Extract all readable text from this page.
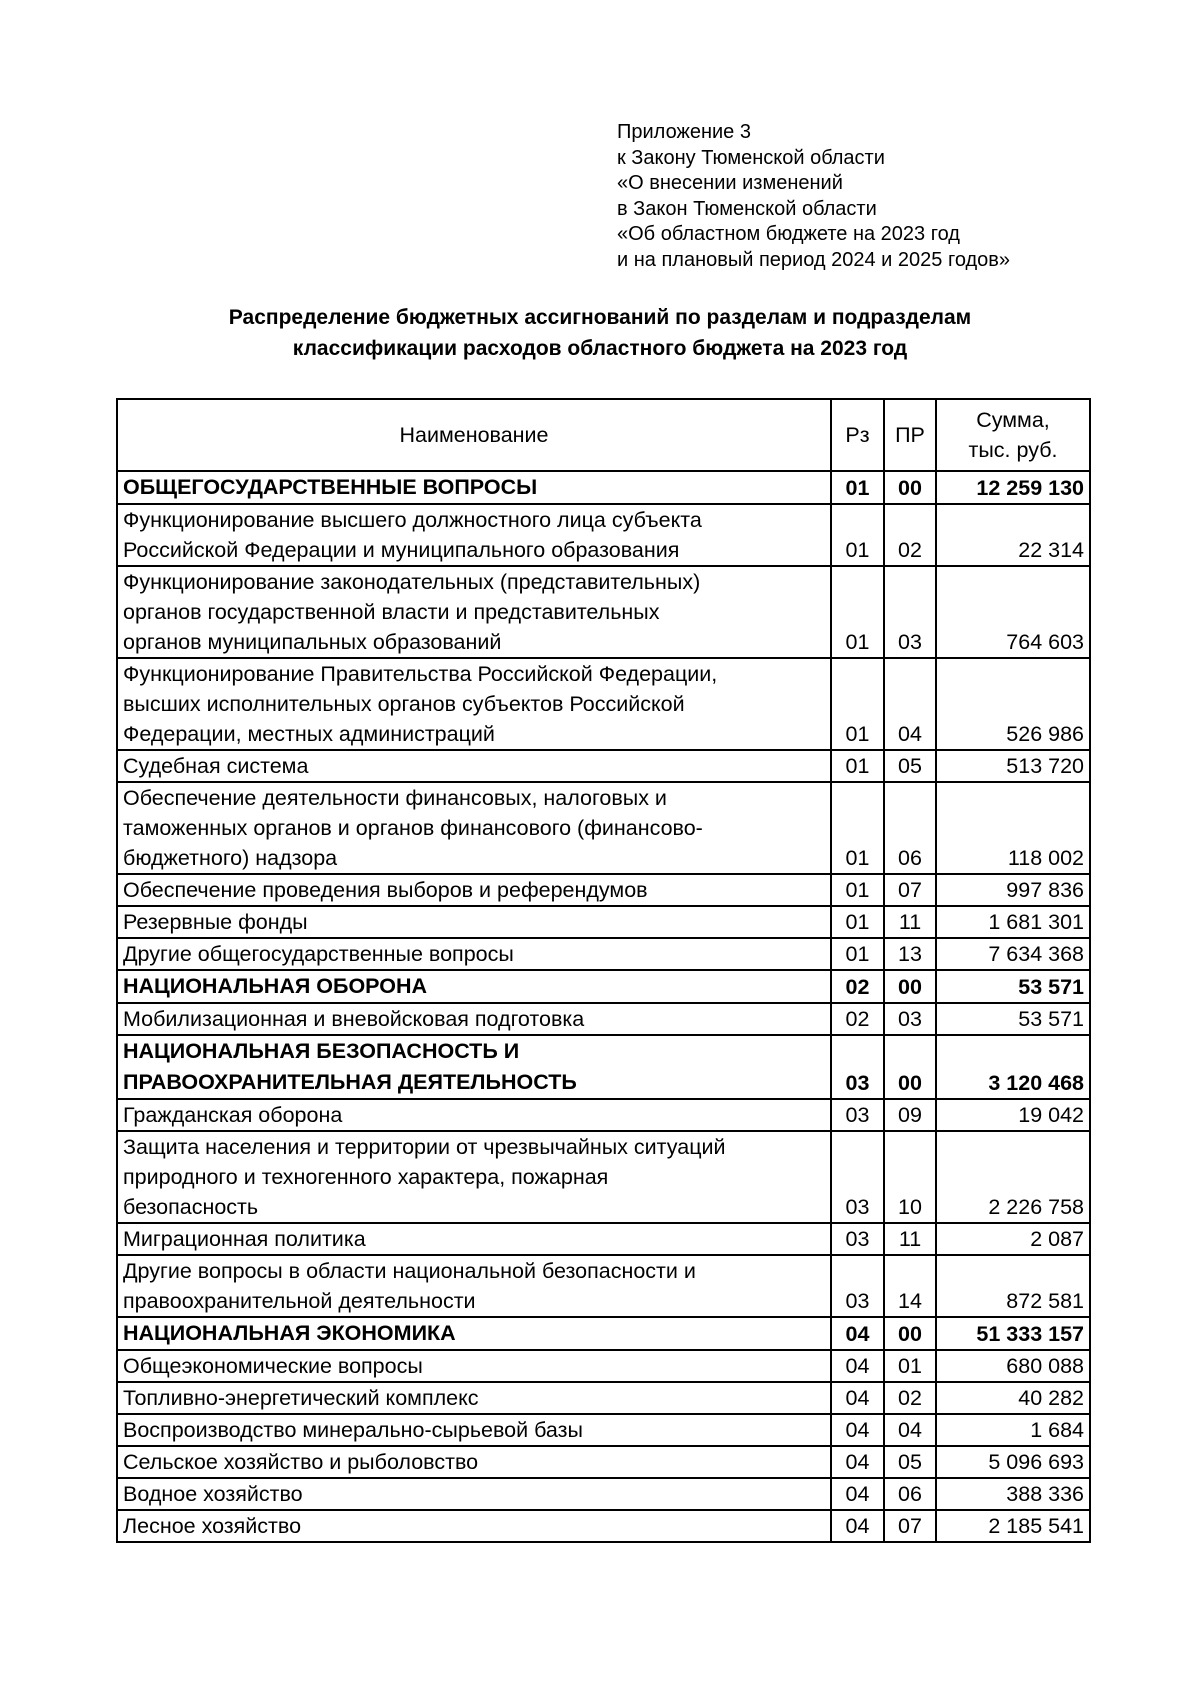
Приложение 3
к Закону Тюменской области
«О внесении изменений
в Закон Тюменской области
«Об областном бюджете на 2023 год
и на плановый период 2024 и 2025 годов»
Распределение бюджетных ассигнований по разделам и подразделам
классификации расходов областного бюджета на 2023 год
Наименование	Рз	ПР	Сумма,
тыс. руб.

ОБЩЕГОСУДАРСТВЕННЫЕ ВОПРОСЫ	01	00	12 259 130

Функционирование высшего должностного лица субъекта
Российской Федерации и муниципального образования	01	02	22 314

Функционирование законодательных (представительных)
органов государственной власти и представительных
органов муниципальных образований	01	03	764 603

Функционирование Правительства Российской Федерации,
высших исполнительных органов субъектов Российской
Федерации, местных администраций	01	04	526 986

Судебная система	01	05	513 720

Обеспечение деятельности финансовых, налоговых и
таможенных органов и органов финансового (финансово-
бюджетного) надзора	01	06	118 002

Обеспечение проведения выборов и референдумов	01	07	997 836

Резервные фонды	01	11	1 681 301

Другие общегосударственные вопросы	01	13	7 634 368

НАЦИОНАЛЬНАЯ ОБОРОНА	02	00	53 571

Мобилизационная и вневойсковая подготовка	02	03	53 571

НАЦИОНАЛЬНАЯ БЕЗОПАСНОСТЬ И
ПРАВООХРАНИТЕЛЬНАЯ ДЕЯТЕЛЬНОСТЬ	03	00	3 120 468

Гражданская оборона	03	09	19 042

Защита населения и территории от чрезвычайных ситуаций
природного и техногенного характера, пожарная
безопасность	03	10	2 226 758

Миграционная политика	03	11	2 087

Другие вопросы в области национальной безопасности и
правоохранительной деятельности	03	14	872 581

НАЦИОНАЛЬНАЯ ЭКОНОМИКА	04	00	51 333 157

Общеэкономические вопросы	04	01	680 088

Топливно-энергетический комплекс	04	02	40 282

Воспроизводство минерально-сырьевой базы	04	04	1 684

Сельское хозяйство и рыболовство	04	05	5 096 693

Водное хозяйство	04	06	388 336

Лесное хозяйство	04	07	2 185 541
